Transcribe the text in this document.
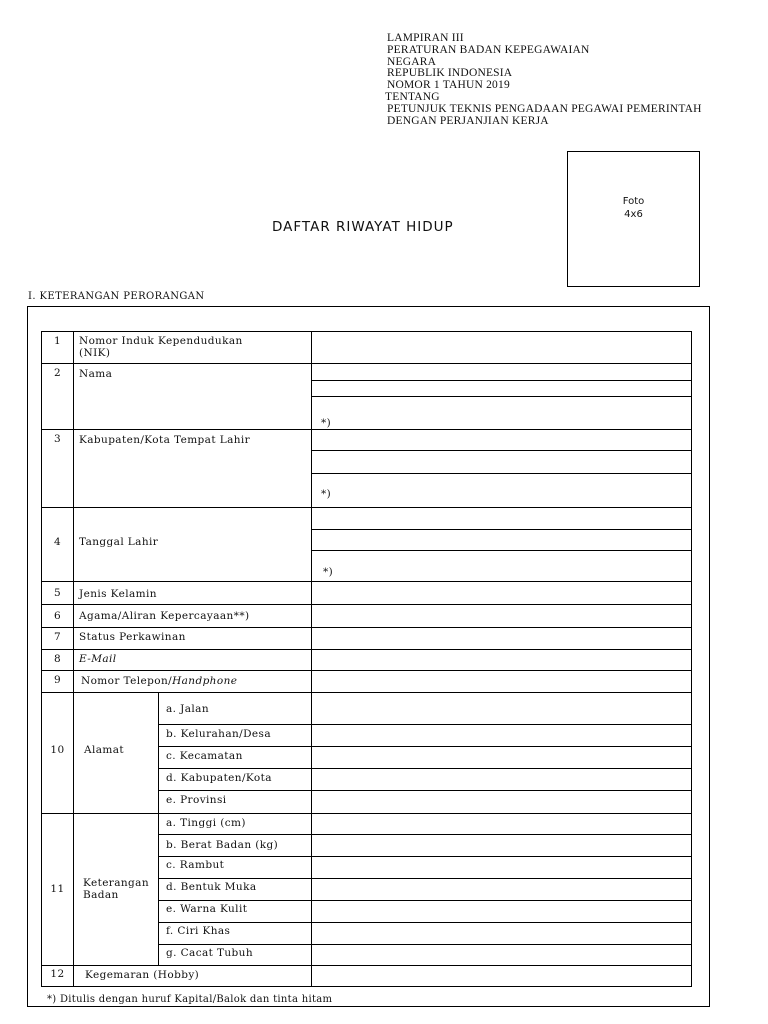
LAMPIRAN III
PERATURAN BADAN KEPEGAWAIAN
NEGARA
REPUBLIK INDONESIA
NOMOR 1 TAHUN 2019
TENTANG
PETUNJUK TEKNIS PENGADAAN PEGAWAI PEMERINTAH
DENGAN PERJANJIAN KERJA
Foto
4x6
DAFTAR RIWAYAT HIDUP
I. KETERANGAN PERORANGAN
1	Nomor Induk Kependudukan
(NIK)
2	Nama
*)
3	Kabupaten/Kota Tempat Lahir
*)
4	Tanggal Lahir
*)
5	Jenis Kelamin
6	Agama/Aliran Kepercayaan**)
7	Status Perkawinan
8	E-Mail
9	Nomor Telepon/Handphone
10	Alamat
a. Jalan
b. Kelurahan/Desa
c. Kecamatan
d. Kabupaten/Kota
e. Provinsi
11	Keterangan
Badan
a. Tinggi (cm)
b. Berat Badan (kg)
c. Rambut
d. Bentuk Muka
e. Warna Kulit
f. Ciri Khas
g. Cacat Tubuh
12	Kegemaran (Hobby)
*) Ditulis dengan huruf Kapital/Balok dan tinta hitam
